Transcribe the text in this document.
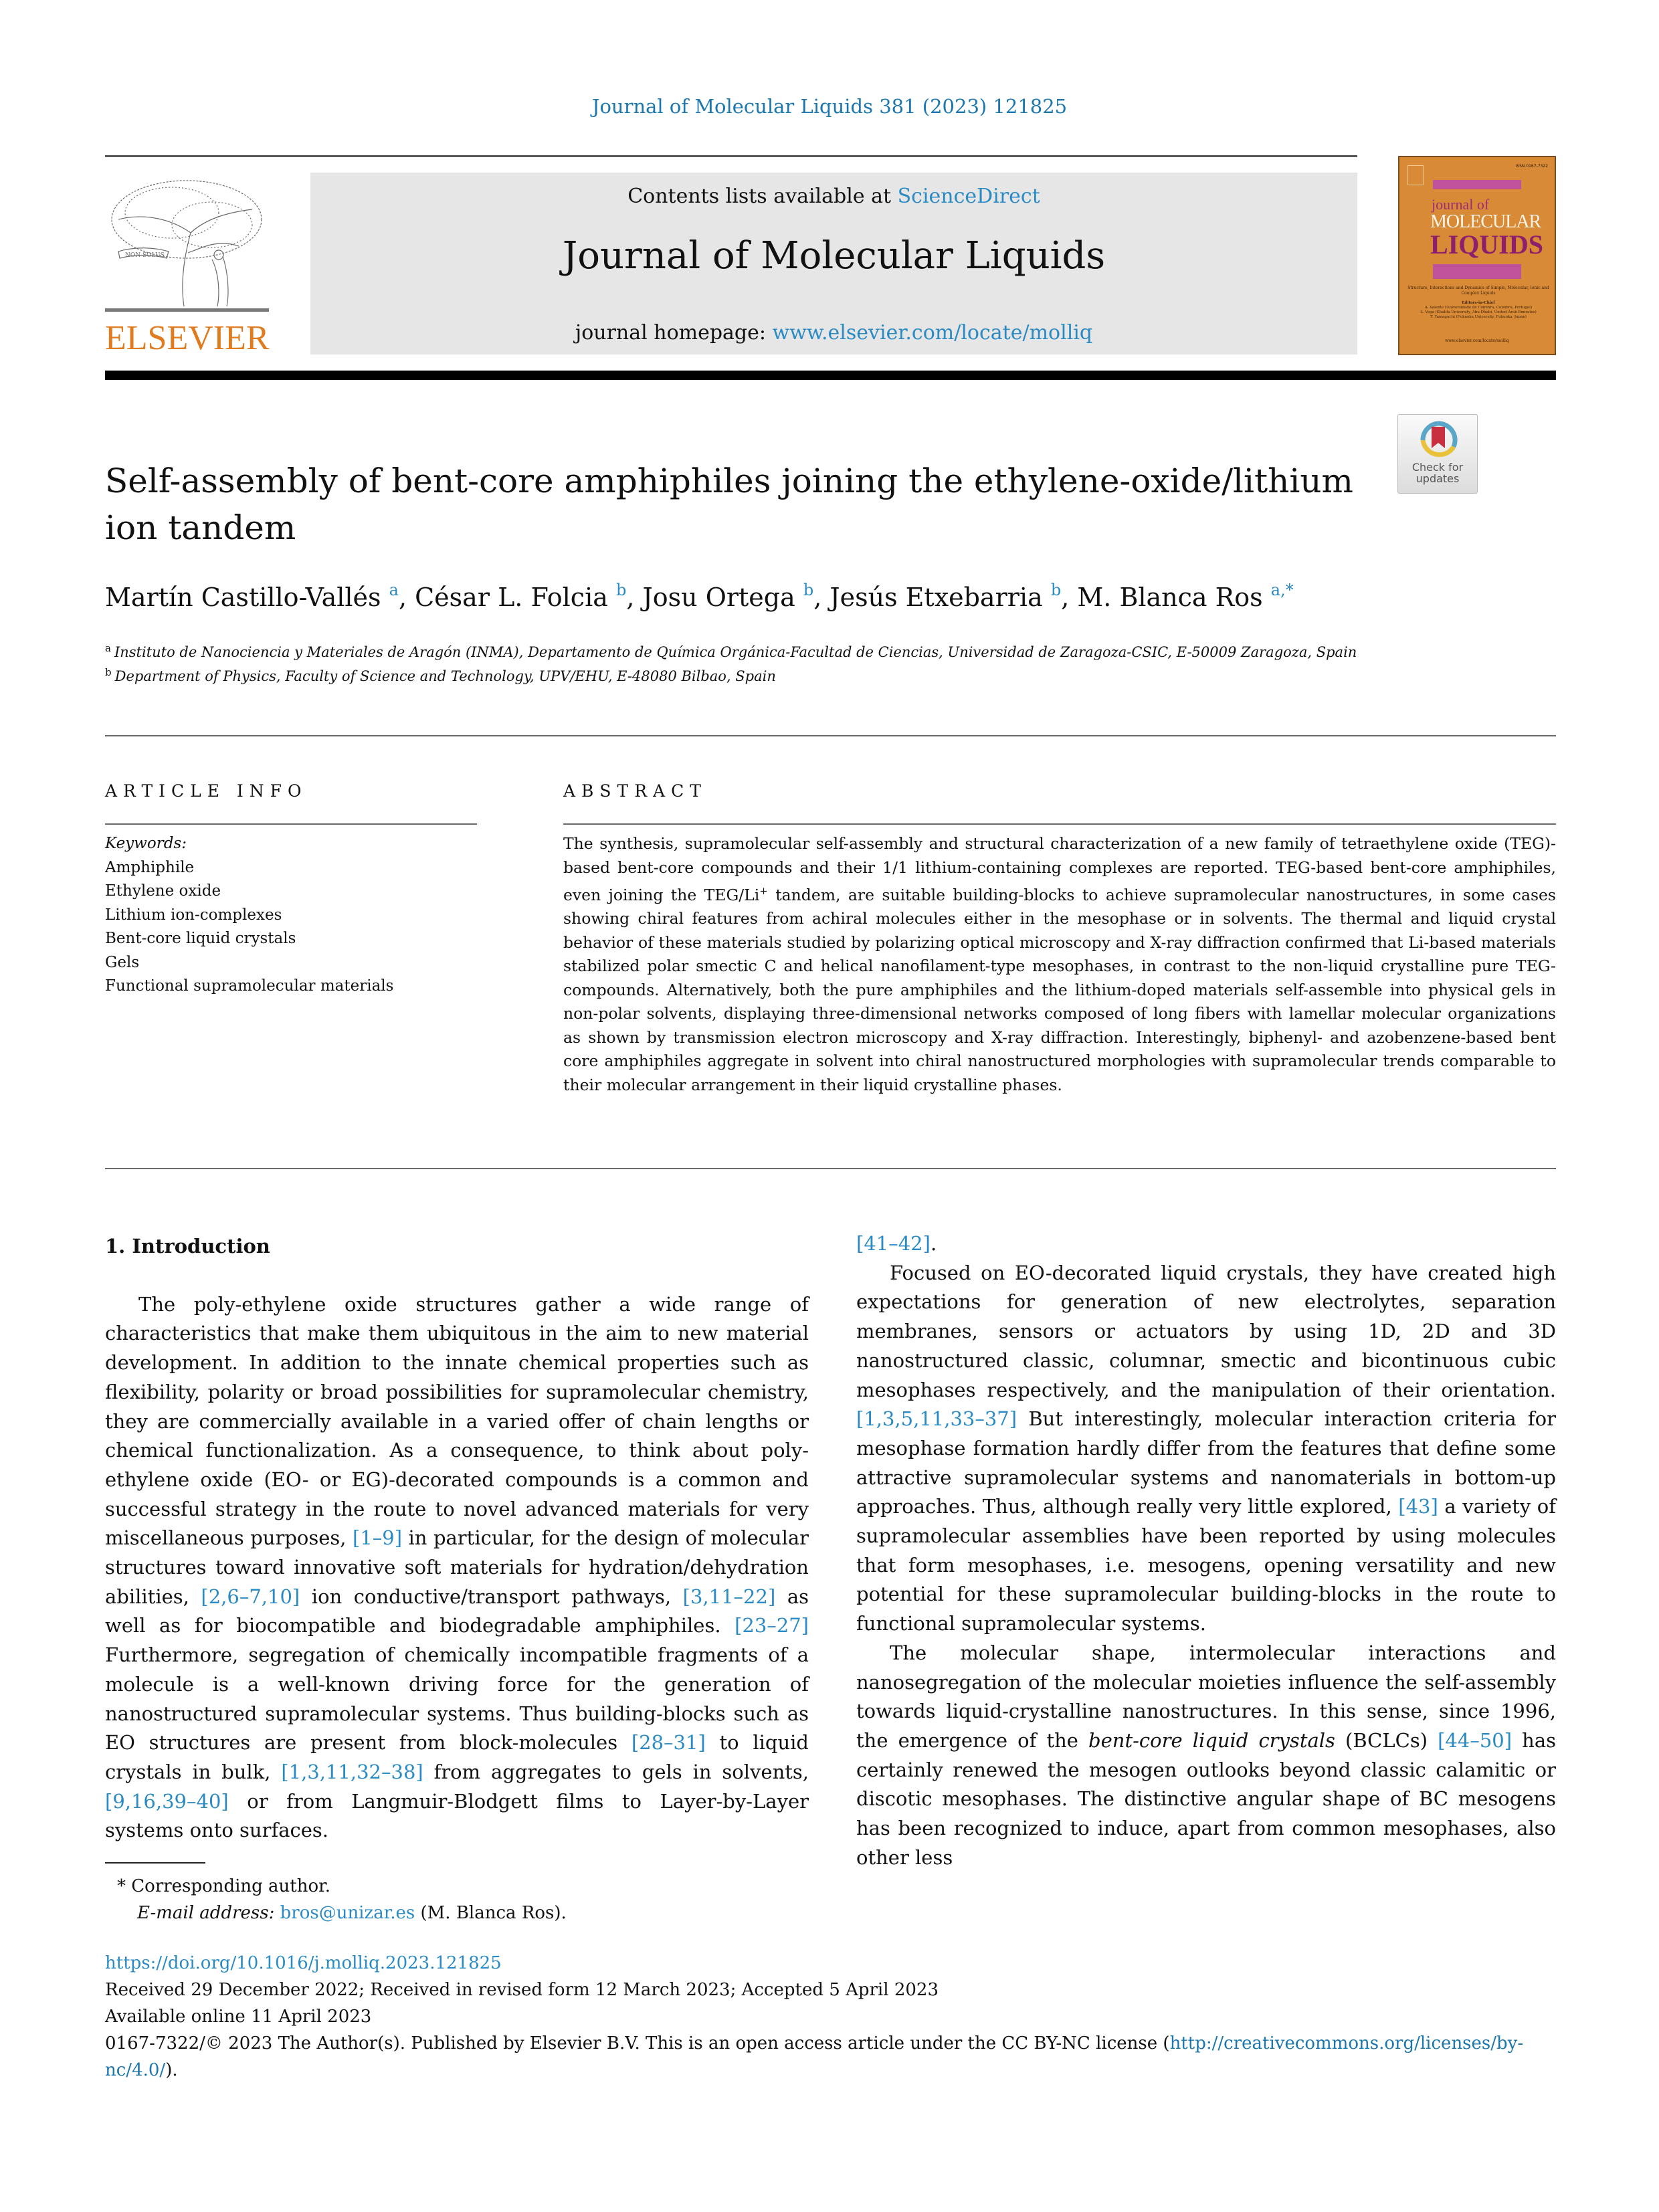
Journal of Molecular Liquids 381 (2023) 121825
NON SOLUS
ELSEVIER
Contents lists available at ScienceDirect
Journal of Molecular Liquids
journal homepage: www.elsevier.com/locate/molliq
ISSN 0167-7322
journal of
MOLECULAR
LIQUIDS
Structure, Interactions and Dynamics of Simple, Molecular, Ionic and Complex Liquids
Editors-in-Chief
A. Valente (Universidade de Coimbra, Coimbra, Portugal)
L. Vega (Khalifa University, Abu Dhabi, United Arab Emirates)
T. Yamaguchi (Fukuoka University, Fukuoka, Japan)
www.elsevier.com/locate/molliq
Check for
updates
Self-assembly of bent-core amphiphiles joining the ethylene-oxide/lithium ion tandem
Martín Castillo-Vallés $^a$, César L. Folcia $^b$, Josu Ortega $^b$, Jesús Etxebarria $^b$, M. Blanca Ros $^{a,*}$
$^a$ Instituto de Nanociencia y Materiales de Aragón (INMA), Departamento de Química Orgánica-Facultad de Ciencias, Universidad de Zaragoza-CSIC, E-50009 Zaragoza, Spain
$^b$ Department of Physics, Faculty of Science and Technology, UPV/EHU, E-48080 Bilbao, Spain
ARTICLE INFO
Keywords:
Amphiphile
Ethylene oxide
Lithium ion-complexes
Bent-core liquid crystals
Gels
Functional supramolecular materials
ABSTRACT
The synthesis, supramolecular self-assembly and structural characterization of a new family of tetraethylene oxide (TEG)-based bent-core compounds and their 1/1 lithium-containing complexes are reported. TEG-based bent-core amphiphiles, even joining the TEG/Li+ tandem, are suitable building-blocks to achieve supramolecular nanostructures, in some cases showing chiral features from achiral molecules either in the mesophase or in solvents. The thermal and liquid crystal behavior of these materials studied by polarizing optical microscopy and X-ray diffraction confirmed that Li-based materials stabilized polar smectic C and helical nanofilament-type mesophases, in contrast to the non-liquid crystalline pure TEG-compounds. Alternatively, both the pure amphiphiles and the lithium-doped materials self-assemble into physical gels in non-polar solvents, displaying three-dimensional networks composed of long fibers with lamellar molecular organizations as shown by transmission electron microscopy and X-ray diffraction. Interestingly, biphenyl- and azobenzene-based bent core amphiphiles aggregate in solvent into chiral nanostructured morphologies with supramolecular trends comparable to their molecular arrangement in their liquid crystalline phases.
1. Introduction
The poly-ethylene oxide structures gather a wide range of characteristics that make them ubiquitous in the aim to new material development. In addition to the innate chemical properties such as flexibility, polarity or broad possibilities for supramolecular chemistry, they are commercially available in a varied offer of chain lengths or chemical functionalization. As a consequence, to think about poly-ethylene oxide (EO- or EG)-decorated compounds is a common and successful strategy in the route to novel advanced materials for very miscellaneous purposes, [1–9] in particular, for the design of molecular structures toward innovative soft materials for hydration/dehydration abilities, [2,6–7,10] ion conductive/transport pathways, [3,11–22] as well as for biocompatible and biodegradable amphiphiles. [23–27] Furthermore, segregation of chemically incompatible fragments of a molecule is a well-known driving force for the generation of nanostructured supramolecular systems. Thus building-blocks such as EO structures are present from block-molecules [28–31] to liquid crystals in bulk, [1,3,11,32–38] from aggregates to gels in solvents, [9,16,39–40] or from Langmuir-Blodgett films to Layer-by-Layer systems onto surfaces.
[41–42].
Focused on EO-decorated liquid crystals, they have created high expectations for generation of new electrolytes, separation membranes, sensors or actuators by using 1D, 2D and 3D nanostructured classic, columnar, smectic and bicontinuous cubic mesophases respectively, and the manipulation of their orientation. [1,3,5,11,33–37] But interestingly, molecular interaction criteria for mesophase formation hardly differ from the features that define some attractive supramolecular systems and nanomaterials in bottom-up approaches. Thus, although really very little explored, [43] a variety of supramolecular assemblies have been reported by using molecules that form mesophases, i.e. mesogens, opening versatility and new potential for these supramolecular building-blocks in the route to functional supramolecular systems.
The molecular shape, intermolecular interactions and nanosegregation of the molecular moieties influence the self-assembly towards liquid-crystalline nanostructures. In this sense, since 1996, the emergence of the bent-core liquid crystals (BCLCs) [44–50] has certainly renewed the mesogen outlooks beyond classic calamitic or discotic mesophases. The distinctive angular shape of BC mesogens has been recognized to induce, apart from common mesophases, also other less
* Corresponding author.
E-mail address: bros@unizar.es (M. Blanca Ros).
https://doi.org/10.1016/j.molliq.2023.121825
Received 29 December 2022; Received in revised form 12 March 2023; Accepted 5 April 2023
Available online 11 April 2023
0167-7322/© 2023 The Author(s). Published by Elsevier B.V. This is an open access article under the CC BY-NC license (http://creativecommons.org/licenses/by-nc/4.0/).
